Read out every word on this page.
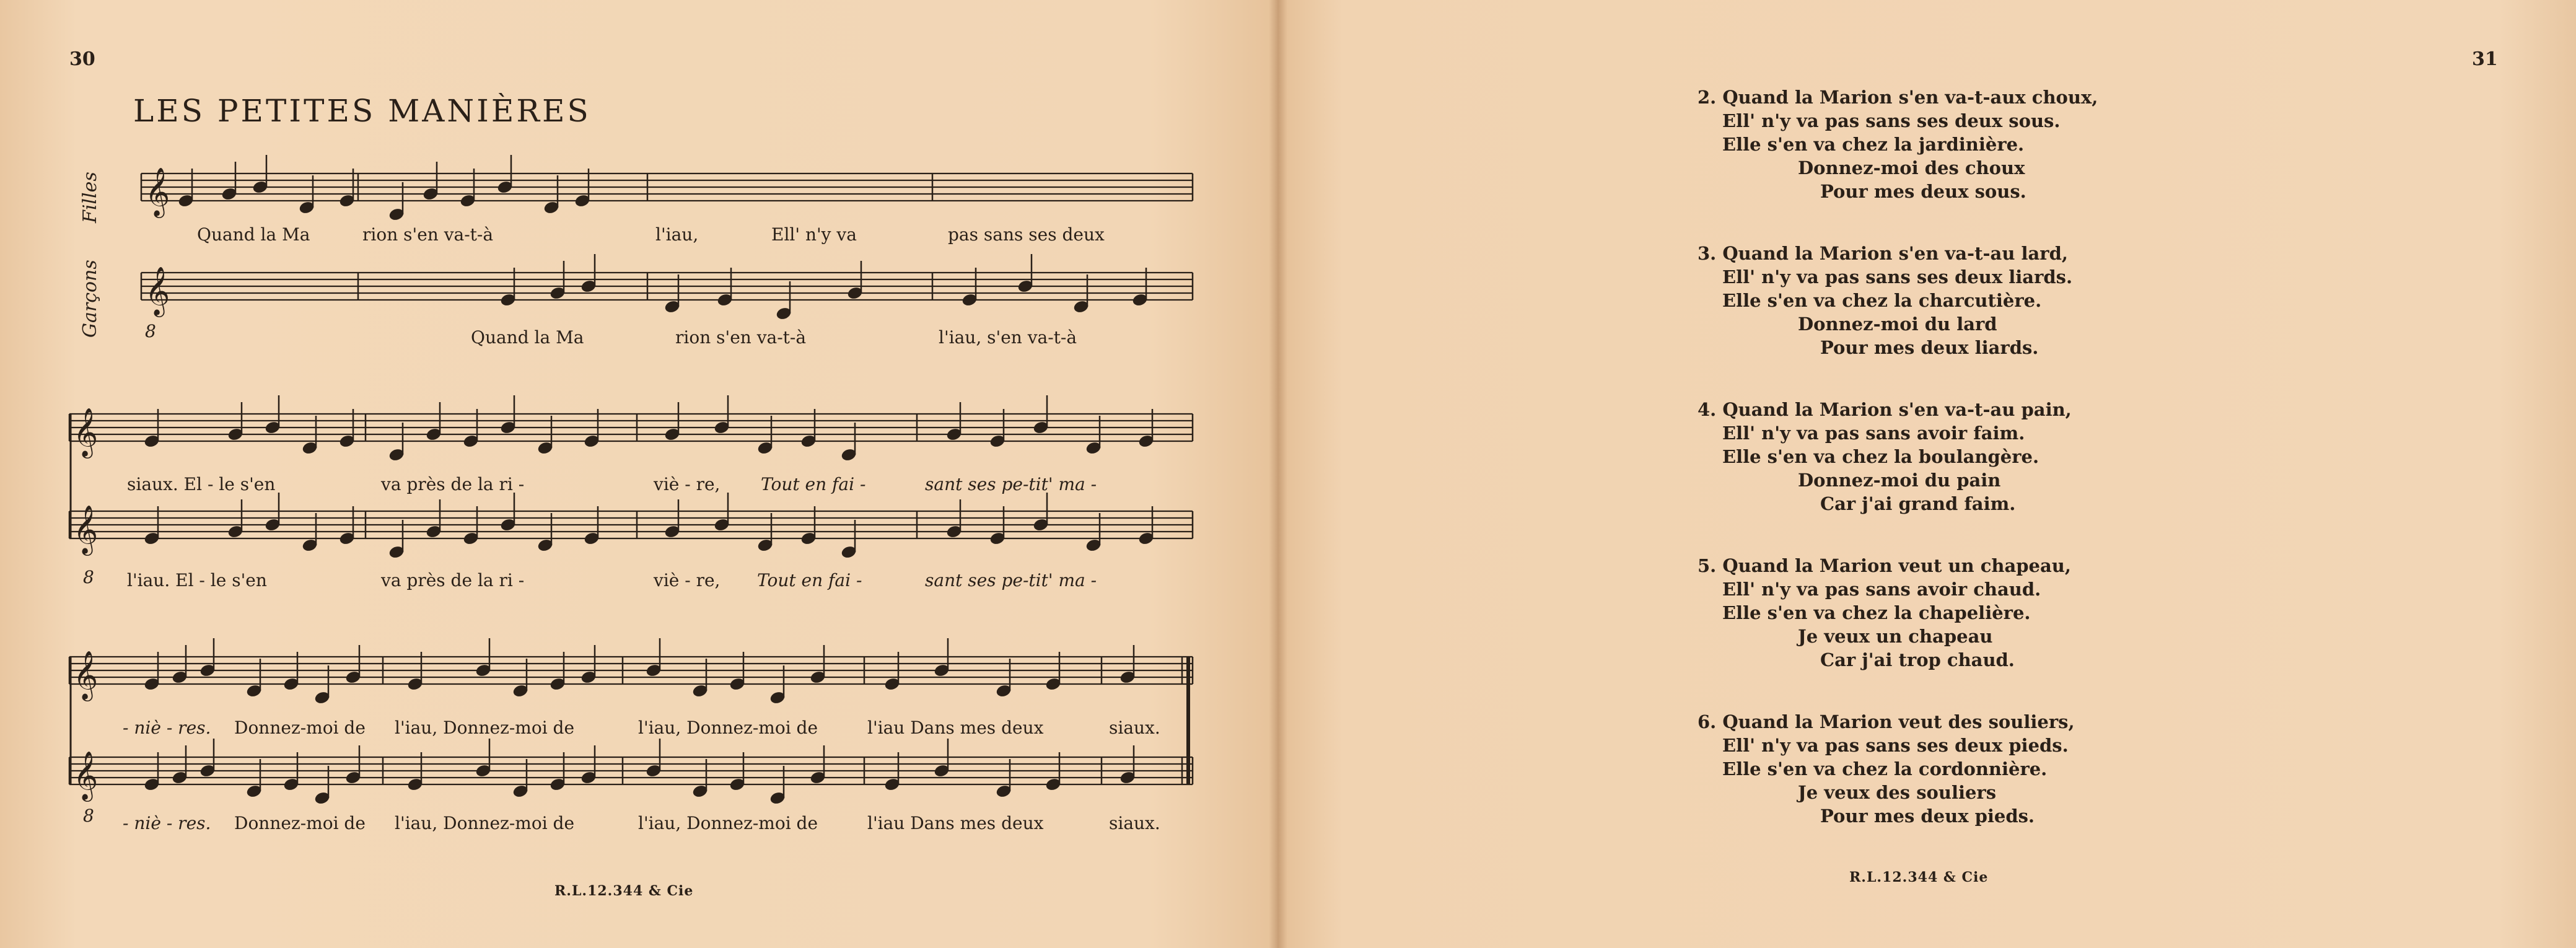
30
LES PETITES MANIÈRES
Filles
Garçons	8
8
8
𝄞
𝄞
𝄞
𝄞
𝄞
𝄞
Quand la Ma	rion s'en va-t-à	l'iau,	Ell' n'y va	pas sans ses deux
Quand la Ma	rion s'en va-t-à	l'iau, s'en va-t-à
siaux. El - le s'en	va près de la ri -	viè - re, Tout en fai -	sant ses pe-tit' ma -
l'iau. El - le s'en	va près de la ri -	viè - re, Tout en fai -	sant ses pe-tit' ma -
- niè - res. Donnez-moi de l'iau, Donnez-moi de	l'iau, Donnez-moi de	l'iau Dans mes deux	siaux.
- niè - res. Donnez-moi de l'iau, Donnez-moi de	l'iau, Donnez-moi de	l'iau Dans mes deux	siaux.
R.L.12.344 & Cie
31
2. Quand la Marion s'en va-t-aux choux,
Ell' n'y va pas sans ses deux sous.
Elle s'en va chez la jardinière.
Donnez-moi des choux
Pour mes deux sous.
3. Quand la Marion s'en va-t-au lard,
Ell' n'y va pas sans ses deux liards.
Elle s'en va chez la charcutière.
Donnez-moi du lard
Pour mes deux liards.
4. Quand la Marion s'en va-t-au pain,
Ell' n'y va pas sans avoir faim.
Elle s'en va chez la boulangère.
Donnez-moi du pain
Car j'ai grand faim.
5. Quand la Marion veut un chapeau,
Ell' n'y va pas sans avoir chaud.
Elle s'en va chez la chapelière.
Je veux un chapeau
Car j'ai trop chaud.
6. Quand la Marion veut des souliers,
Ell' n'y va pas sans ses deux pieds.
Elle s'en va chez la cordonnière.
Je veux des souliers
Pour mes deux pieds.
R.L.12.344 & Cie
